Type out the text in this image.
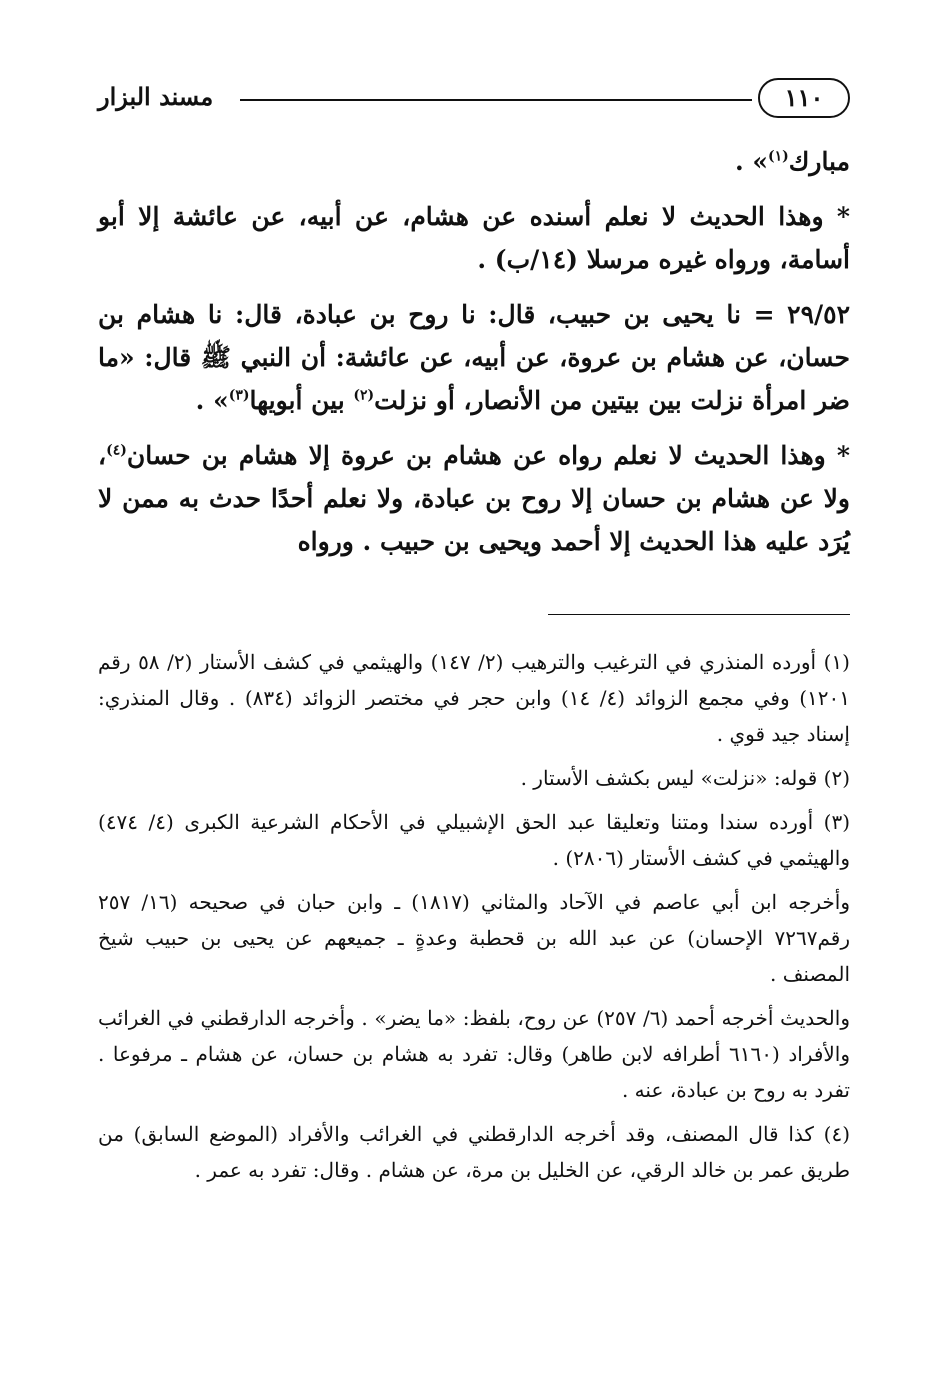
١١٠
مسند البزار

مبارك$^{(١)}$» .

* وهذا الحديث لا نعلم أسنده عن هشام، عن أبيه، عن عائشة إلا أبو أسامة، ورواه غيره مرسلا (١٤/ب) .

٢٩/٥٢ = نا يحيى بن حبيب، قال: نا روح بن عبادة، قال: نا هشام بن حسان، عن هشام بن عروة، عن أبيه، عن عائشة: أن النبي ﷺ قال: «ما ضر امرأة نزلت بين بيتين من الأنصار، أو نزلت$^{(٢)}$ بين أبويها$^{(٣)}$» .

* وهذا الحديث لا نعلم رواه عن هشام بن عروة إلا هشام بن حسان$^{(٤)}$، ولا عن هشام بن حسان إلا روح بن عبادة، ولا نعلم أحدًا حدث به ممن لا يُرَد عليه هذا الحديث إلا أحمد ويحيى بن حبيب . ورواه

(١) أورده المنذري في الترغيب والترهيب (٢/ ١٤٧) والهيثمي في كشف الأستار (٢/ ٥٨ رقم ١٢٠١) وفي مجمع الزوائد (٤/ ١٤) وابن حجر في مختصر الزوائد (٨٣٤) . وقال المنذري: إسناد جيد قوي .

(٢) قوله: «نزلت» ليس بكشف الأستار .

(٣) أورده سندا ومتنا وتعليقا عبد الحق الإشبيلي في الأحكام الشرعية الكبرى (٤/ ٤٧٤) والهيثمي في كشف الأستار (٢٨٠٦) .

وأخرجه ابن أبي عاصم في الآحاد والمثاني (١٨١٧) ـ وابن حبان في صحيحه (١٦/ ٢٥٧ رقم٧٢٦٧ الإحسان) عن عبد الله بن قحطبة وعدةٍ ـ جميعهم عن يحيى بن حبيب شيخ المصنف .

والحديث أخرجه أحمد (٦/ ٢٥٧) عن روح، بلفظ: «ما يضر» . وأخرجه الدارقطني في الغرائب والأفراد (٦١٦٠ أطرافه لابن طاهر) وقال: تفرد به هشام بن حسان، عن هشام ـ مرفوعا . تفرد به روح بن عبادة، عنه .

(٤) كذا قال المصنف، وقد أخرجه الدارقطني في الغرائب والأفراد (الموضع السابق) من طريق عمر بن خالد الرقي، عن الخليل بن مرة، عن هشام . وقال: تفرد به عمر .
